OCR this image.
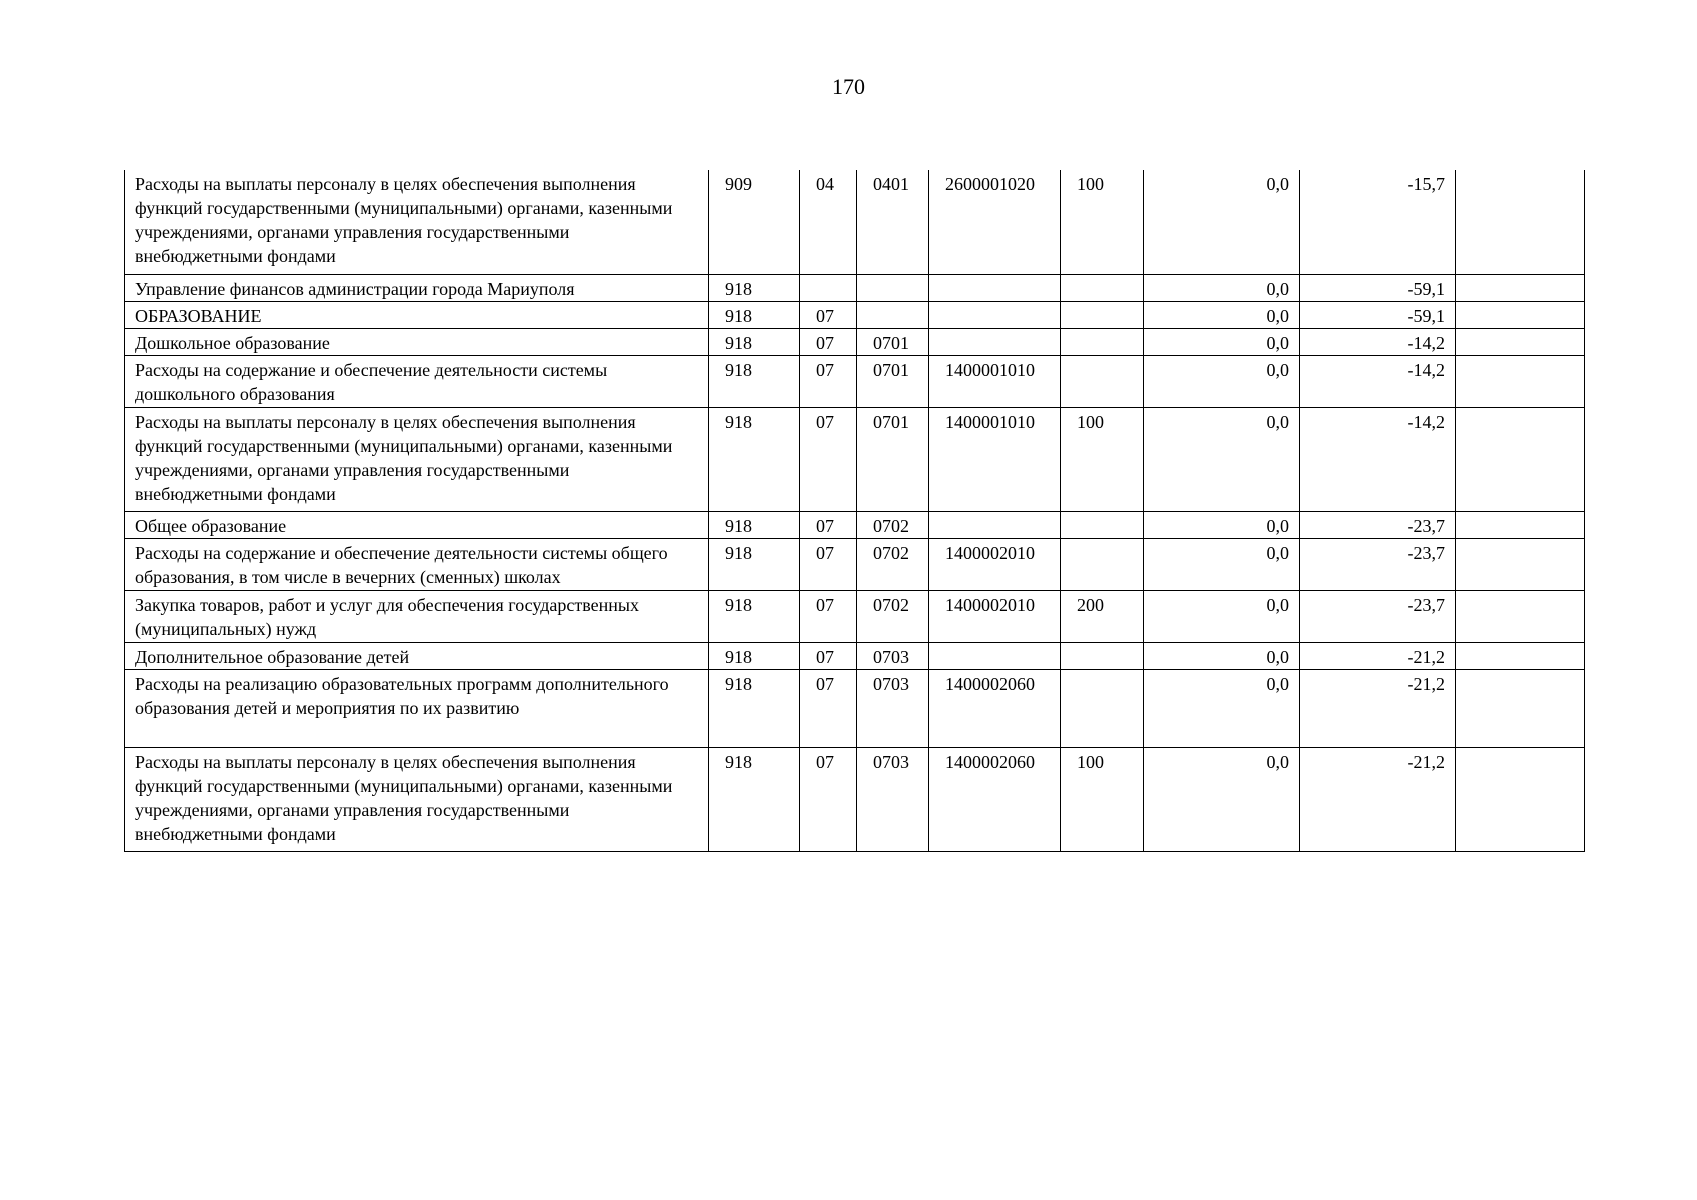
170
Расходы на выплаты персоналу в целях обеспечения выполнения функций государственными (муниципальными) органами, казенными учреждениями, органами управления государственными внебюджетными фондами	909	04	0401	2600001020	100	0,0	-15,7	
Управление финансов администрации города Мариуполя	918					0,0	-59,1	
ОБРАЗОВАНИЕ	918	07				0,0	-59,1	
Дошкольное образование	918	07	0701			0,0	-14,2	
Расходы на содержание и обеспечение деятельности системы дошкольного образования	918	07	0701	1400001010		0,0	-14,2	
Расходы на выплаты персоналу в целях обеспечения выполнения функций государственными (муниципальными) органами, казенными учреждениями, органами управления государственными внебюджетными фондами	918	07	0701	1400001010	100	0,0	-14,2	
Общее образование	918	07	0702			0,0	-23,7	
Расходы на содержание и обеспечение деятельности системы общего образования, в том числе в вечерних (сменных) школах	918	07	0702	1400002010		0,0	-23,7	
Закупка товаров, работ и услуг для обеспечения государственных (муниципальных) нужд	918	07	0702	1400002010	200	0,0	-23,7	
Дополнительное образование детей	918	07	0703			0,0	-21,2	
Расходы на реализацию образовательных программ дополнительного образования детей и мероприятия по их развитию	918	07	0703	1400002060		0,0	-21,2	
Расходы на выплаты персоналу в целях обеспечения выполнения функций государственными (муниципальными) органами, казенными учреждениями, органами управления государственными внебюджетными фондами	918	07	0703	1400002060	100	0,0	-21,2	
